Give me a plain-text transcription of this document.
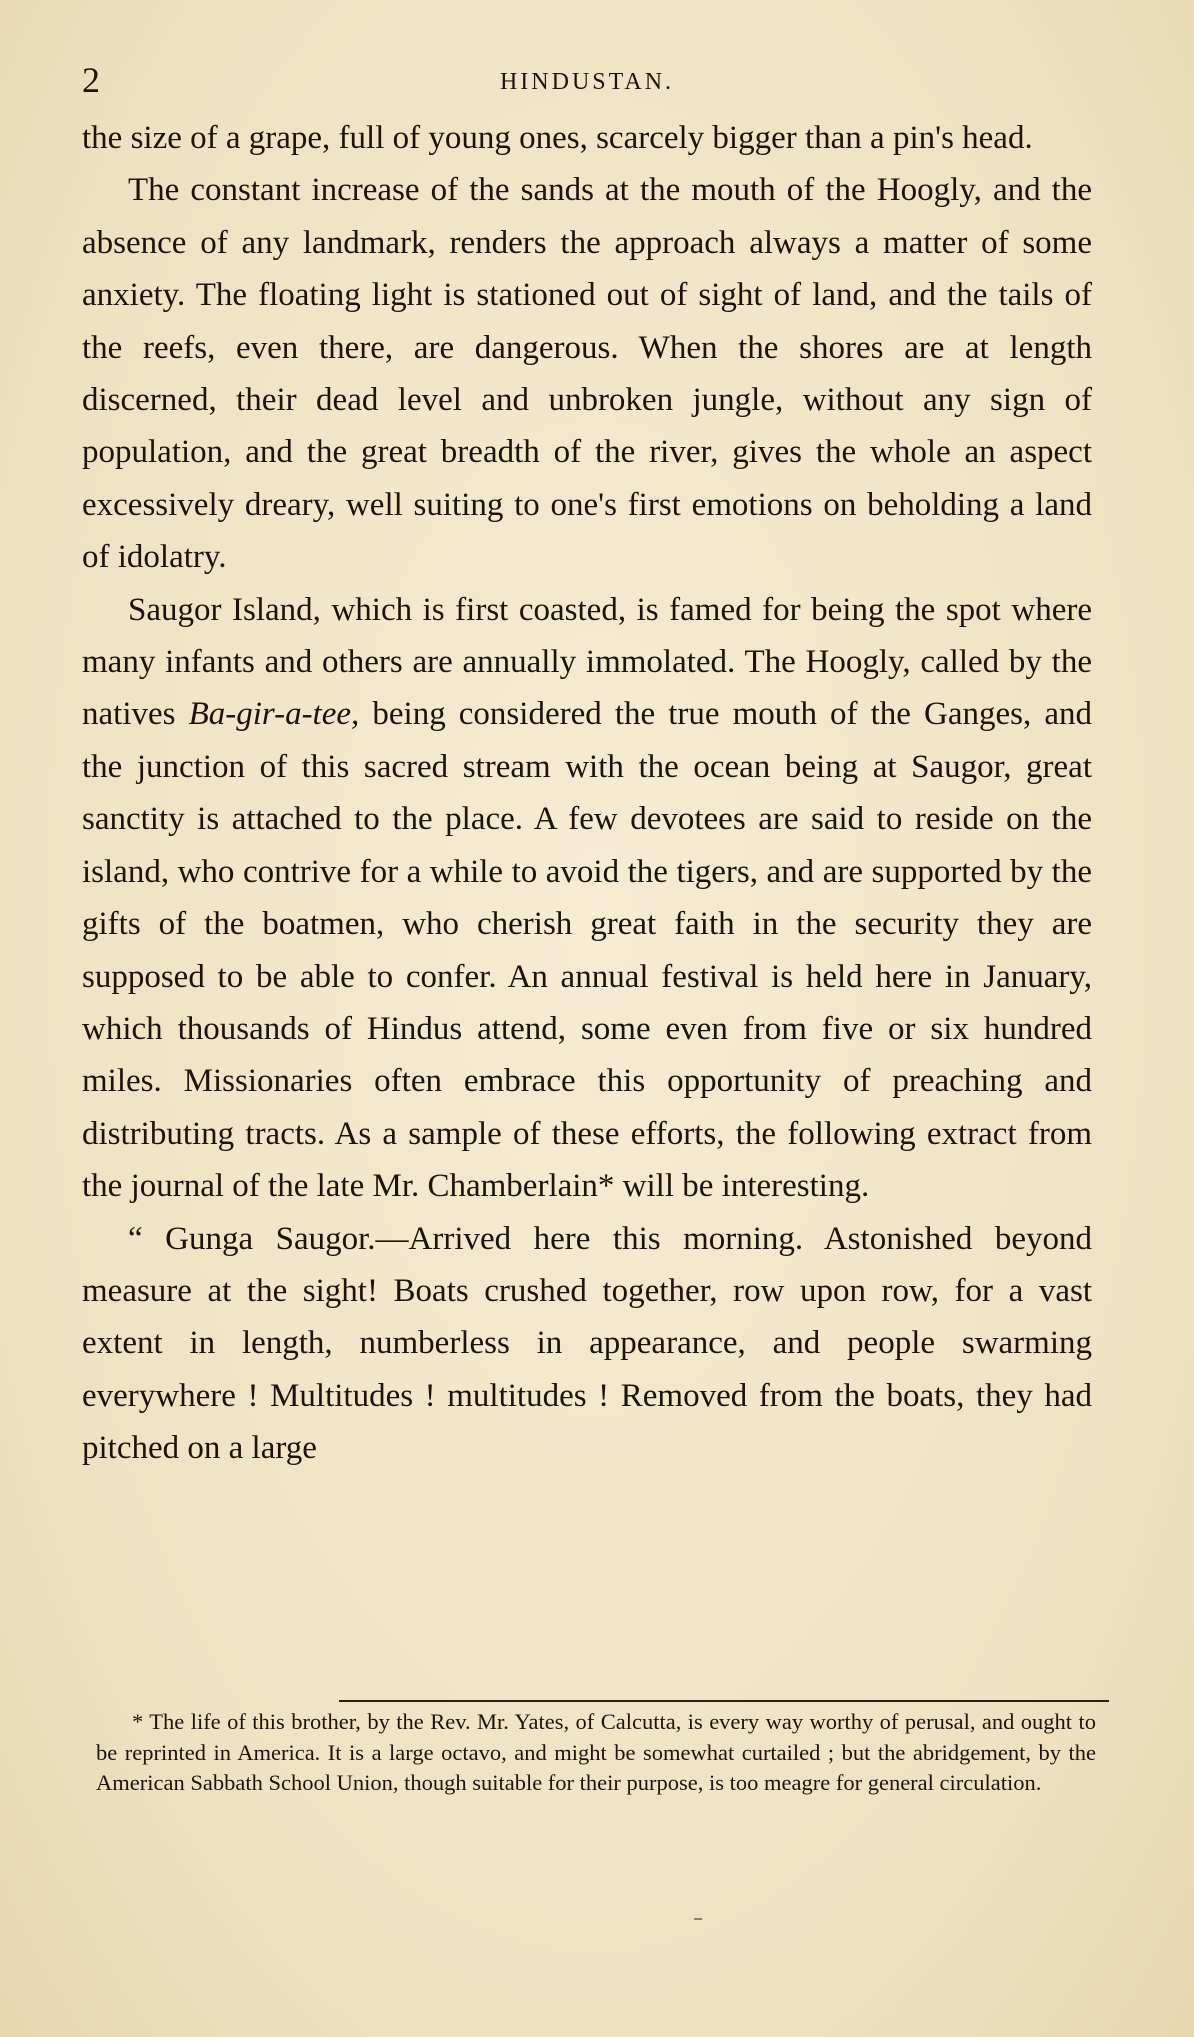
2	HINDUSTAN.

the size of a grape, full of young ones, scarcely bigger than a pin's head.

The constant increase of the sands at the mouth of the Hoogly, and the absence of any landmark, renders the approach always a matter of some anxiety. The floating light is stationed out of sight of land, and the tails of the reefs, even there, are dangerous. When the shores are at length discerned, their dead level and unbroken jungle, without any sign of population, and the great breadth of the river, gives the whole an aspect excessively dreary, well suiting to one's first emotions on beholding a land of idolatry.

Saugor Island, which is first coasted, is famed for being the spot where many infants and others are annually immolated. The Hoogly, called by the natives Ba-gir-a-tee, being considered the true mouth of the Ganges, and the junction of this sacred stream with the ocean being at Saugor, great sanctity is attached to the place. A few devotees are said to reside on the island, who contrive for a while to avoid the tigers, and are supported by the gifts of the boatmen, who cherish great faith in the security they are supposed to be able to confer. An annual festival is held here in January, which thousands of Hindus attend, some even from five or six hundred miles. Missionaries often embrace this opportunity of preaching and distributing tracts. As a sample of these efforts, the following extract from the journal of the late Mr. Chamberlain* will be interesting.

“ Gunga Saugor.—Arrived here this morning. Astonished beyond measure at the sight! Boats crushed together, row upon row, for a vast extent in length, numberless in appearance, and people swarming everywhere ! Multitudes ! multitudes ! Removed from the boats, they had pitched on a large

* The life of this brother, by the Rev. Mr. Yates, of Calcutta, is every way worthy of perusal, and ought to be reprinted in America. It is a large octavo, and might be somewhat curtailed ; but the abridgement, by the American Sabbath School Union, though suitable for their purpose, is too meagre for general circulation.
